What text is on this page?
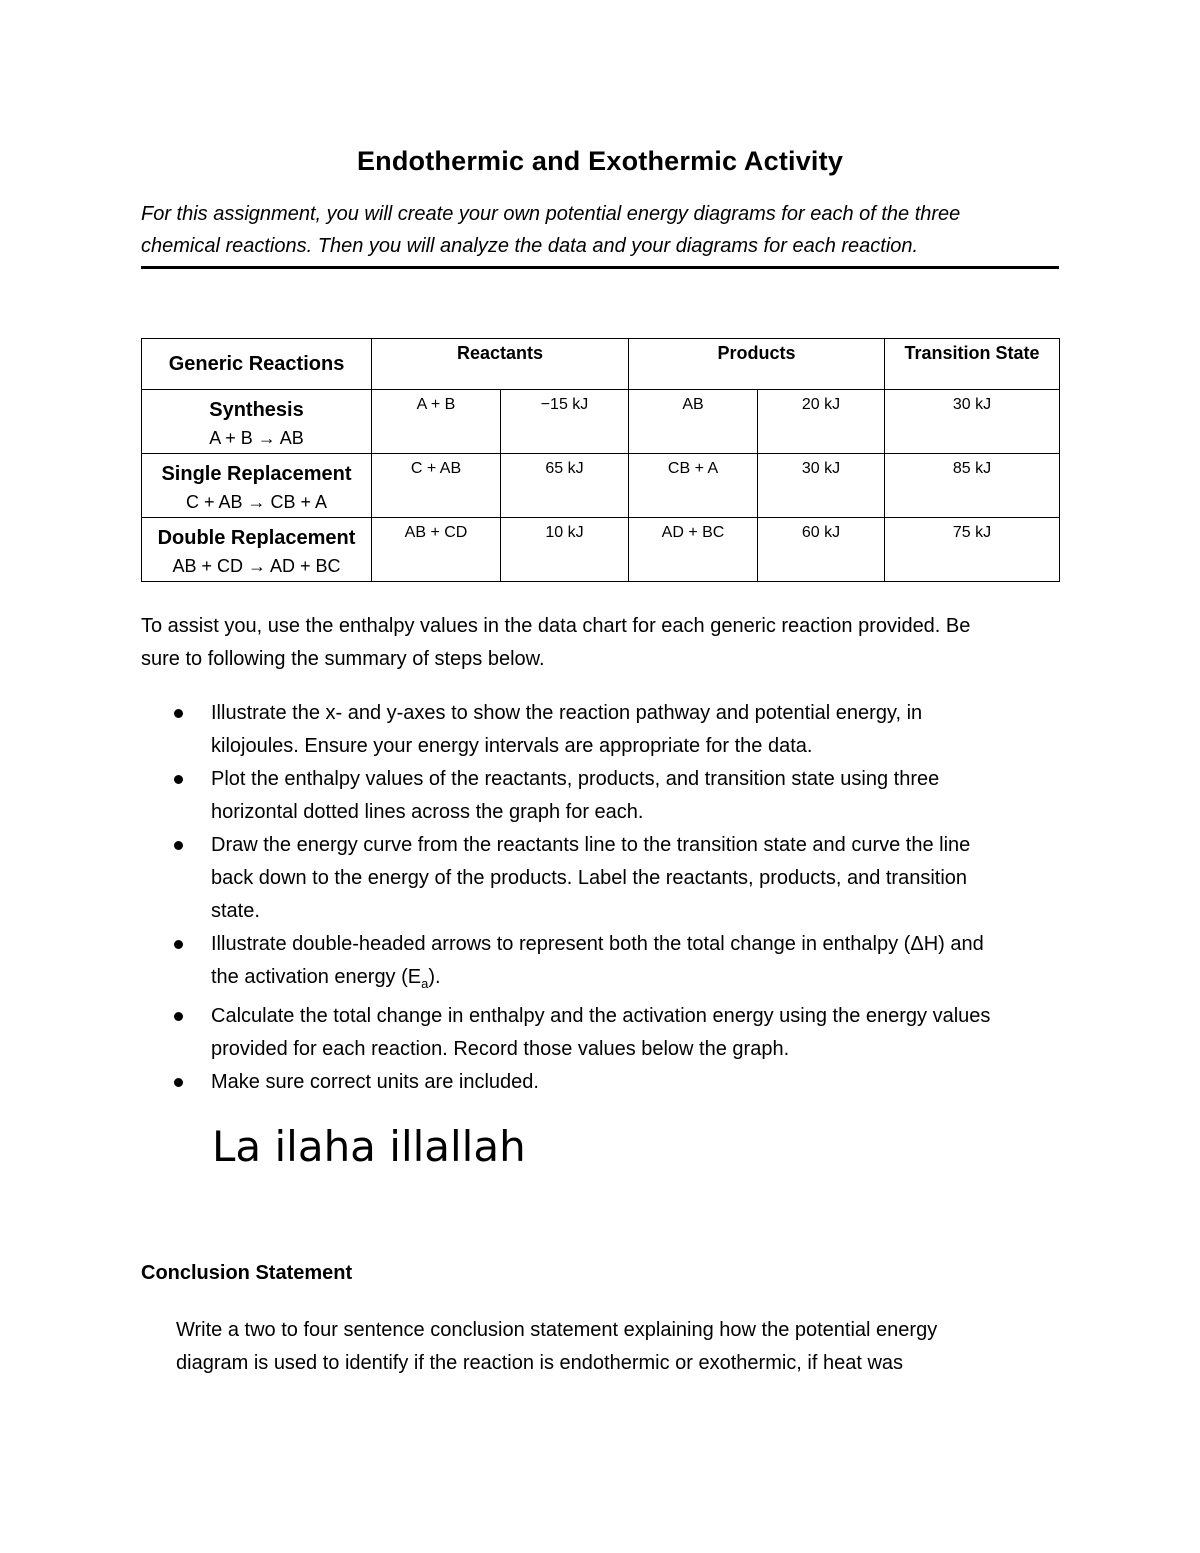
Endothermic and Exothermic Activity
For this assignment, you will create your own potential energy diagrams for each of the three
chemical reactions. Then you will analyze the data and your diagrams for each reaction.
Generic Reactions	Reactants		Products		Transition State

Synthesis
A + B → AB	A + B	−15 kJ	AB	20 kJ	30 kJ

Single Replacement
C + AB → CB + A	C + AB	65 kJ	CB + A	30 kJ	85 kJ

Double Replacement
AB + CD → AD + BC	AB + CD	10 kJ	AD + BC	60 kJ	75 kJ
To assist you, use the enthalpy values in the data chart for each generic reaction provided. Be
sure to following the summary of steps below.
Illustrate the x- and y-axes to show the reaction pathway and potential energy, in
kilojoules. Ensure your energy intervals are appropriate for the data.
Plot the enthalpy values of the reactants, products, and transition state using three
horizontal dotted lines across the graph for each.
Draw the energy curve from the reactants line to the transition state and curve the line
back down to the energy of the products. Label the reactants, products, and transition
state.
Illustrate double-headed arrows to represent both the total change in enthalpy (ΔH) and
the activation energy $(E_a)$.
Calculate the total change in enthalpy and the activation energy using the energy values
provided for each reaction. Record those values below the graph.
Make sure correct units are included.
La ilaha illallah
Conclusion Statement
Write a two to four sentence conclusion statement explaining how the potential energy
diagram is used to identify if the reaction is endothermic or exothermic, if heat was
